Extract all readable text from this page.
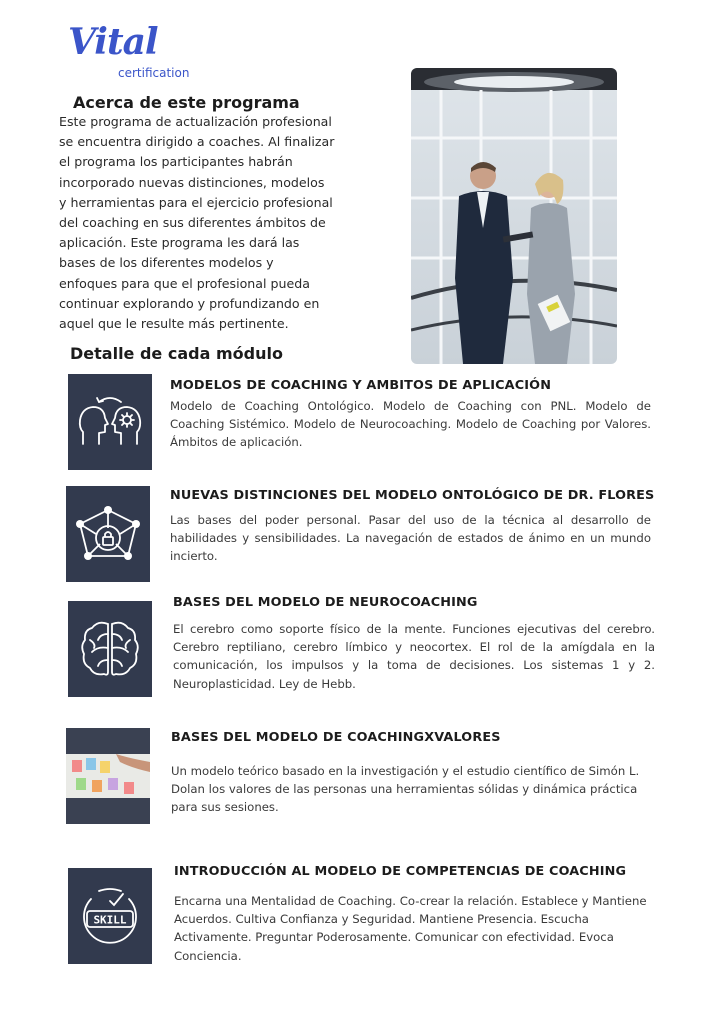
Vital
certification
Acerca de este programa
Este programa de actualización profesional se encuentra dirigido a coaches. Al finalizar el programa los participantes habrán incorporado nuevas distinciones, modelos y herramientas para el ejercicio profesional del coaching en sus diferentes ámbitos de aplicación. Este programa les dará las bases de los diferentes modelos y enfoques para que el profesional pueda continuar explorando y profundizando en aquel que le resulte más pertinente.
Detalle de cada módulo
MODELOS DE COACHING Y AMBITOS DE APLICACIÓN
Modelo de Coaching Ontológico. Modelo de Coaching con PNL. Modelo de Coaching Sistémico. Modelo de Neurocoaching. Modelo de Coaching por Valores. Ámbitos de aplicación.
NUEVAS DISTINCIONES DEL MODELO ONTOLÓGICO DE DR. FLORES
Las bases del poder personal. Pasar del uso de la técnica al desarrollo de habilidades y sensibilidades. La navegación de estados de ánimo en un mundo incierto.
BASES DEL MODELO DE NEUROCOACHING
El cerebro como soporte físico de la mente. Funciones ejecutivas del cerebro. Cerebro reptiliano, cerebro límbico y neocortex. El rol de la amígdala en la comunicación, los impulsos y la toma de decisiones. Los sistemas 1 y 2. Neuroplasticidad. Ley de Hebb.
BASES DEL MODELO DE COACHINGXVALORES
Un modelo teórico basado en la investigación y el estudio científico de Simón L. Dolan los valores de las personas una herramientas sólidas y dinámica práctica para sus sesiones.
SKILL
INTRODUCCIÓN AL MODELO DE COMPETENCIAS DE COACHING
Encarna una Mentalidad de Coaching. Co-crear la relación. Establece y Mantiene Acuerdos. Cultiva Confianza y Seguridad. Mantiene Presencia. Escucha Activamente. Preguntar Poderosamente. Comunicar con efectividad. Evoca Conciencia.
